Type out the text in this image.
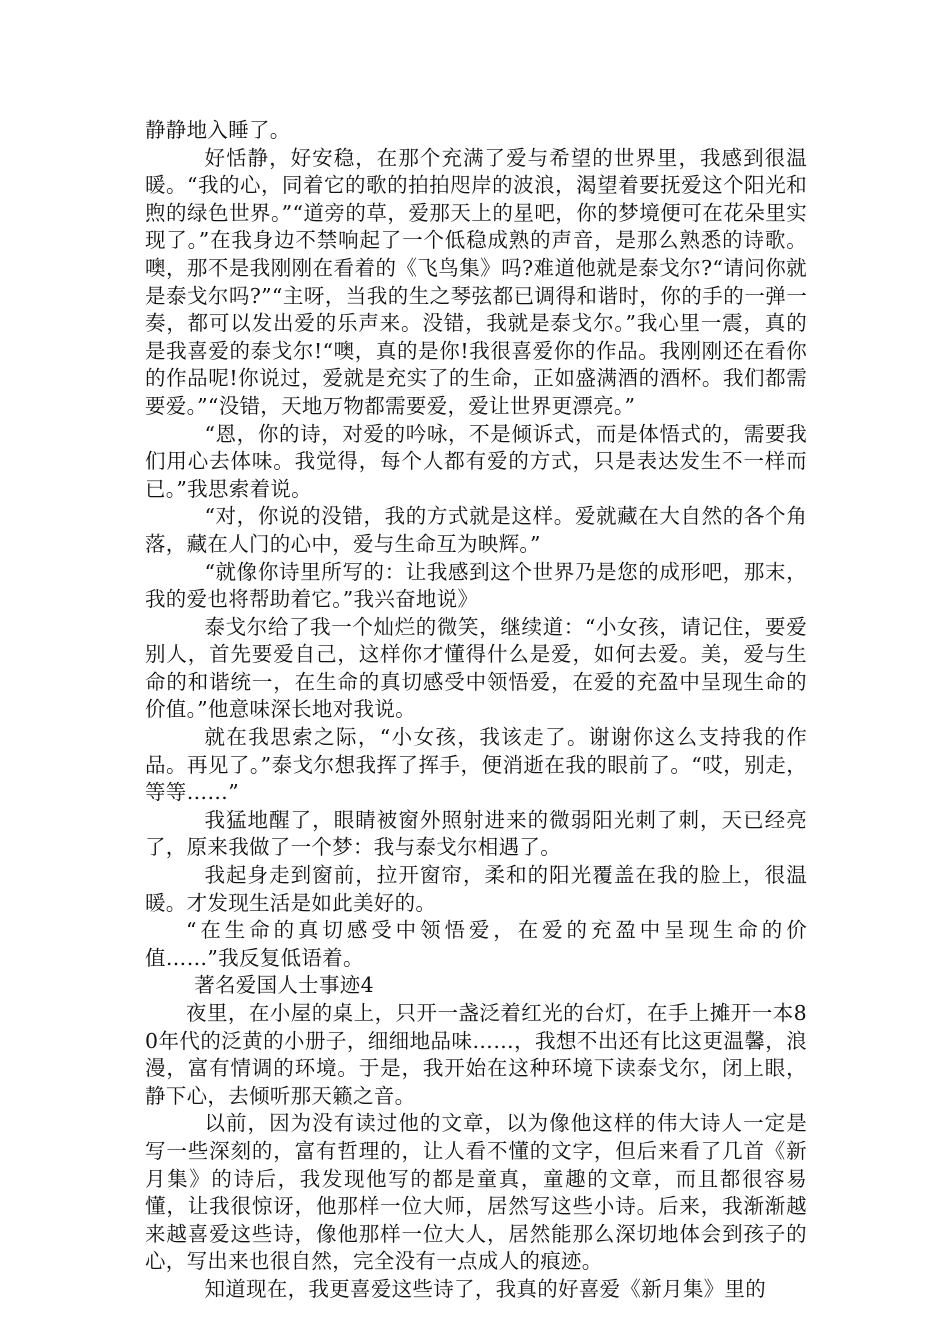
静静地入睡了。

好恬静，好安稳，在那个充满了爱与希望的世界里，我感到很温暖。“我的心，同着它的歌的拍拍咫岸的波浪，渴望着要抚爱这个阳光和煦的绿色世界。”“道旁的草，爱那天上的星吧，你的梦境便可在花朵里实现了。”在我身边不禁响起了一个低稳成熟的声音，是那么熟悉的诗歌。噢，那不是我刚刚在看着的《飞鸟集》吗?难道他就是泰戈尔?“请问你就是泰戈尔吗?”“主呀，当我的生之琴弦都已调得和谐时，你的手的一弹一奏，都可以发出爱的乐声来。没错，我就是泰戈尔。”我心里一震，真的是我喜爱的泰戈尔!“噢，真的是你!我很喜爱你的作品。我刚刚还在看你的作品呢!你说过，爱就是充实了的生命，正如盛满酒的酒杯。我们都需要爱。”“没错，天地万物都需要爱，爱让世界更漂亮。”

“恩，你的诗，对爱的吟咏，不是倾诉式，而是体悟式的，需要我们用心去体味。我觉得，每个人都有爱的方式，只是表达发生不一样而已。”我思索着说。

“对，你说的没错，我的方式就是这样。爱就藏在大自然的各个角落，藏在人门的心中，爱与生命互为映辉。”

“就像你诗里所写的：让我感到这个世界乃是您的成形吧，那末，我的爱也将帮助着它。”我兴奋地说》

泰戈尔给了我一个灿烂的微笑，继续道：“小女孩，请记住，要爱别人，首先要爱自己，这样你才懂得什么是爱，如何去爱。美，爱与生命的和谐统一，在生命的真切感受中领悟爱，在爱的充盈中呈现生命的价值。”他意味深长地对我说。

就在我思索之际，“小女孩，我该走了。谢谢你这么支持我的作品。再见了。”泰戈尔想我挥了挥手，便消逝在我的眼前了。“哎，别走，等等……”

我猛地醒了，眼睛被窗外照射进来的微弱阳光刺了刺，天已经亮了，原来我做了一个梦：我与泰戈尔相遇了。

我起身走到窗前，拉开窗帘，柔和的阳光覆盖在我的脸上，很温暖。才发现生活是如此美好的。

“在生命的真切感受中领悟爱，在爱的充盈中呈现生命的价值……”我反复低语着。

著名爱国人士事迹4

夜里，在小屋的桌上，只开一盏泛着红光的台灯，在手上摊开一本80年代的泛黄的小册子，细细地品味……，我想不出还有比这更温馨，浪漫，富有情调的环境。于是，我开始在这种环境下读泰戈尔，闭上眼，静下心，去倾听那天籁之音。

以前，因为没有读过他的文章，以为像他这样的伟大诗人一定是写一些深刻的，富有哲理的，让人看不懂的文字，但后来看了几首《新月集》的诗后，我发现他写的都是童真，童趣的文章，而且都很容易懂，让我很惊讶，他那样一位大师，居然写这些小诗。后来，我渐渐越来越喜爱这些诗，像他那样一位大人，居然能那么深切地体会到孩子的心，写出来也很自然，完全没有一点成人的痕迹。

知道现在，我更喜爱这些诗了，我真的好喜爱《新月集》里的
